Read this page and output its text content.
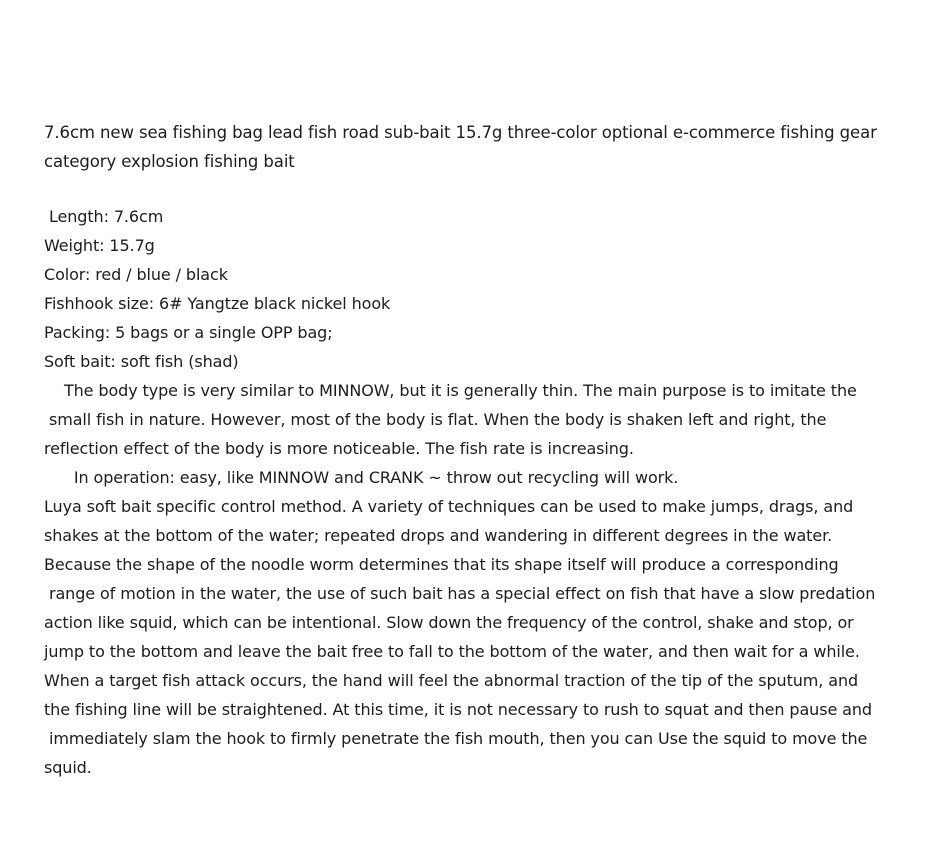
7.6cm new sea fishing bag lead fish road sub-bait 15.7g three-color optional e-commerce fishing gear
category explosion fishing bait
Length: 7.6cm
Weight: 15.7g
Color: red / blue / black
Fishhook size: 6# Yangtze black nickel hook
Packing: 5 bags or a single OPP bag;
Soft bait: soft fish (shad)
The body type is very similar to MINNOW, but it is generally thin. The main purpose is to imitate the
small fish in nature. However, most of the body is flat. When the body is shaken left and right, the
reflection effect of the body is more noticeable. The fish rate is increasing.
In operation: easy, like MINNOW and CRANK ~ throw out recycling will work.
Luya soft bait specific control method. A variety of techniques can be used to make jumps, drags, and
shakes at the bottom of the water; repeated drops and wandering in different degrees in the water.
Because the shape of the noodle worm determines that its shape itself will produce a corresponding
range of motion in the water, the use of such bait has a special effect on fish that have a slow predation
action like squid, which can be intentional. Slow down the frequency of the control, shake and stop, or
jump to the bottom and leave the bait free to fall to the bottom of the water, and then wait for a while.
When a target fish attack occurs, the hand will feel the abnormal traction of the tip of the sputum, and
the fishing line will be straightened. At this time, it is not necessary to rush to squat and then pause and
immediately slam the hook to firmly penetrate the fish mouth, then you can Use the squid to move the
squid.
